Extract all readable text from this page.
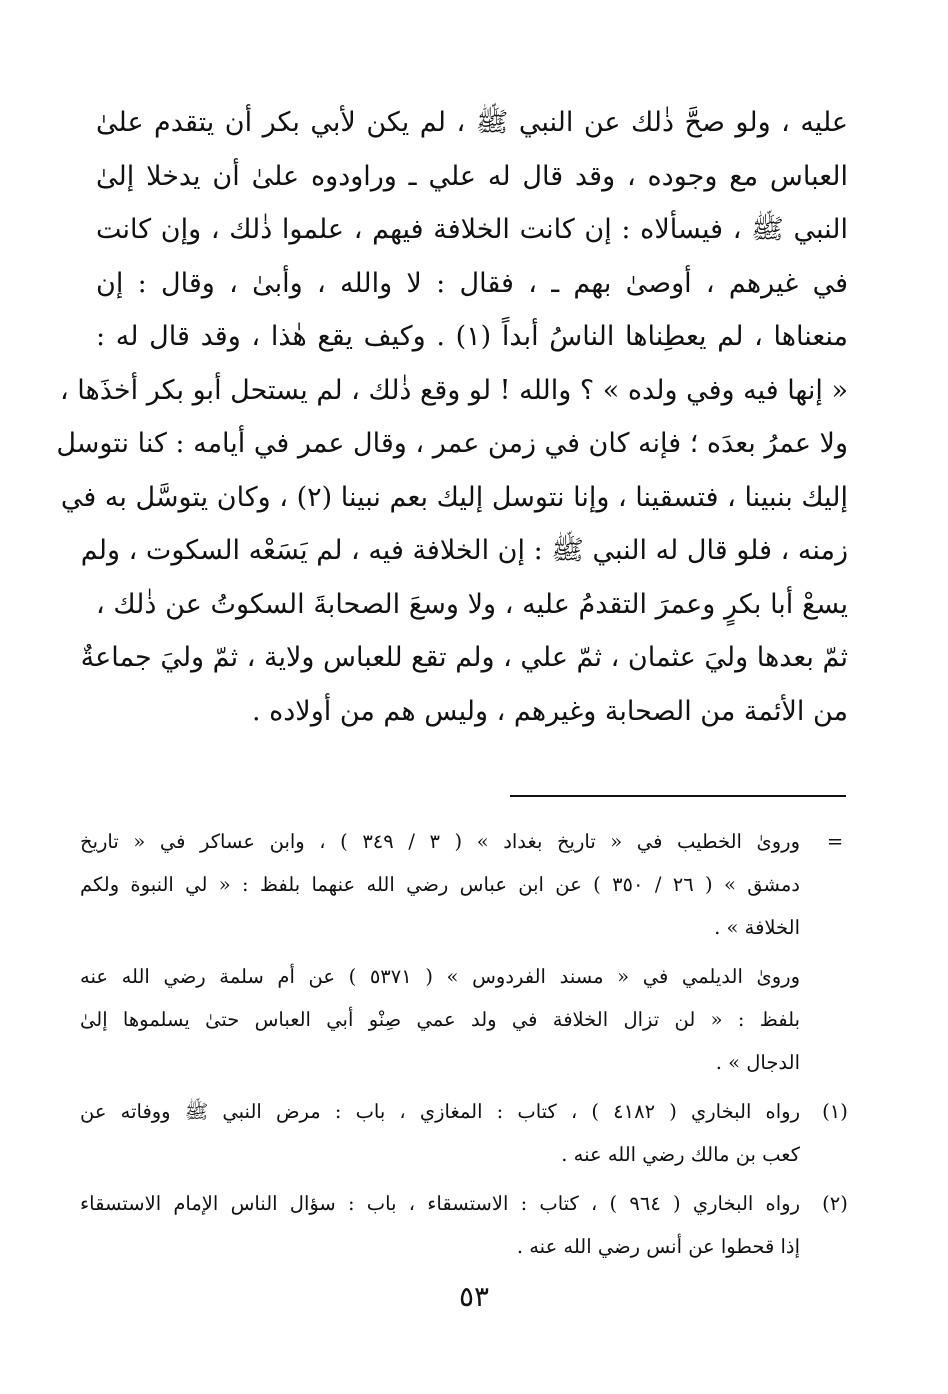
عليه ، ولو صحَّ ذٰلك عن النبي ﷺ ، لم يكن لأبي بكر أن يتقدم علىٰ
العباس مع وجوده ، وقد قال له علي ـ وراودوه علىٰ أن يدخلا إلىٰ
النبي ﷺ ، فيسألاه : إن كانت الخلافة فيهم ، علموا ذٰلك ، وإن كانت
في غيرهم ، أوصىٰ بهم ـ ، فقال : لا والله ، وأبىٰ ، وقال : إن
منعناها ، لم يعطِناها الناسُ أبداً (١) . وكيف يقع هٰذا ، وقد قال له :
« إنها فيه وفي ولده » ؟ والله ! لو وقع ذٰلك ، لم يستحل أبو بكر أخذَها ،
ولا عمرُ بعدَه ؛ فإنه كان في زمن عمر ، وقال عمر في أيامه : كنا نتوسل
إليك بنبينا ، فتسقينا ، وإنا نتوسل إليك بعم نبينا (٢) ، وكان يتوسَّل به في
زمنه ، فلو قال له النبي ﷺ : إن الخلافة فيه ، لم يَسَعْه السكوت ، ولم
يسعْ أبا بكرٍ وعمرَ التقدمُ عليه ، ولا وسعَ الصحابةَ السكوتُ عن ذٰلك ،
ثمّ بعدها وليَ عثمان ، ثمّ علي ، ولم تقع للعباس ولاية ، ثمّ وليَ جماعةٌ
من الأئمة من الصحابة وغيرهم ، وليس هم من أولاده .
=
ورویٰ الخطيب في « تاريخ بغداد » ( ٣ / ٣٤٩ ) ، وابن عساكر في « تاريخ
دمشق » ( ٢٦ / ٣٥٠ ) عن ابن عباس رضي الله عنهما بلفظ : « لي النبوة ولكم
الخلافة » .
ورویٰ الديلمي في « مسند الفردوس » ( ٥٣٧١ ) عن أم سلمة رضي الله عنه
بلفظ : « لن تزال الخلافة في ولد عمي صِنْو أبي العباس حتىٰ يسلموها إلىٰ
الدجال » .
(١)
رواه البخاري ( ٤١٨٢ ) ، كتاب : المغازي ، باب : مرض النبي ﷺ ووفاته عن
كعب بن مالك رضي الله عنه .
(٢)
رواه البخاري ( ٩٦٤ ) ، كتاب : الاستسقاء ، باب : سؤال الناس الإمام الاستسقاء
إذا قحطوا عن أنس رضي الله عنه .
٥٣
